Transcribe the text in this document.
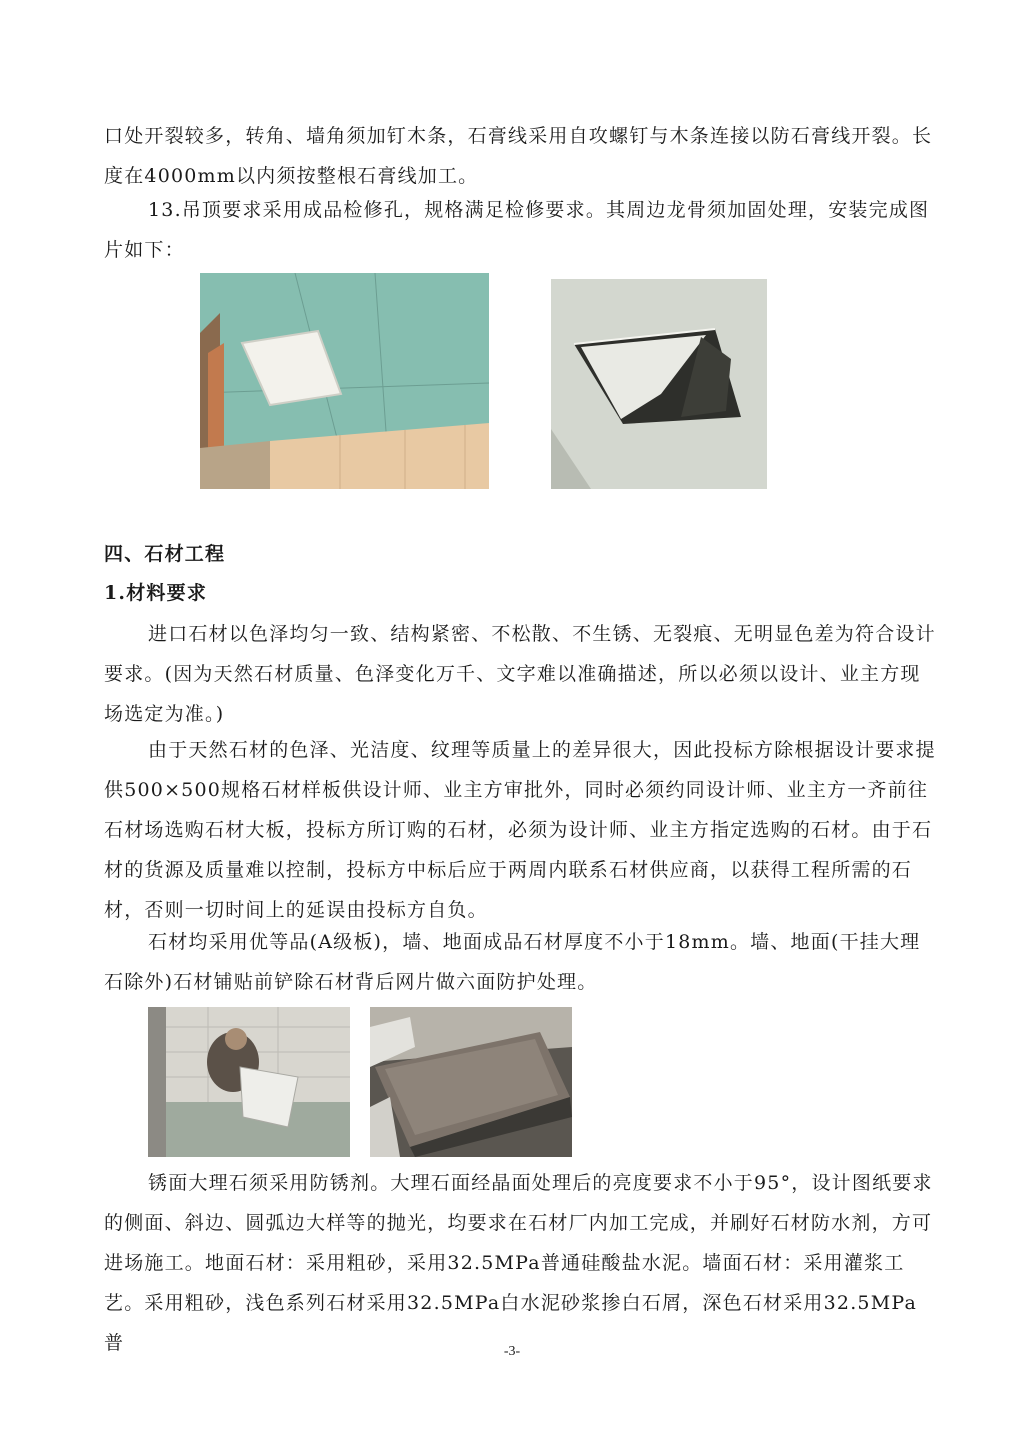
口处开裂较多，转角、墙角须加钉木条，石膏线采用自攻螺钉与木条连接以防石膏线开裂。长度在4000mm以内须按整根石膏线加工。

13.吊顶要求采用成品检修孔，规格满足检修要求。其周边龙骨须加固处理，安装完成图片如下：

四、石材工程

1.材料要求

进口石材以色泽均匀一致、结构紧密、不松散、不生锈、无裂痕、无明显色差为符合设计要求。(因为天然石材质量、色泽变化万千、文字难以准确描述，所以必须以设计、业主方现场选定为准。)

由于天然石材的色泽、光洁度、纹理等质量上的差异很大，因此投标方除根据设计要求提供500×500规格石材样板供设计师、业主方审批外，同时必须约同设计师、业主方一齐前往石材场选购石材大板，投标方所订购的石材，必须为设计师、业主方指定选购的石材。由于石材的货源及质量难以控制，投标方中标后应于两周内联系石材供应商，以获得工程所需的石材，否则一切时间上的延误由投标方自负。

石材均采用优等品(A级板)，墙、地面成品石材厚度不小于18mm。墙、地面(干挂大理石除外)石材铺贴前铲除石材背后网片做六面防护处理。

锈面大理石须采用防锈剂。大理石面经晶面处理后的亮度要求不小于95°，设计图纸要求的侧面、斜边、圆弧边大样等的抛光，均要求在石材厂内加工完成，并刷好石材防水剂，方可进场施工。地面石材：采用粗砂，采用32.5MPa普通硅酸盐水泥。墙面石材：采用灌浆工艺。采用粗砂，浅色系列石材采用32.5MPa白水泥砂浆掺白石屑，深色石材采用32.5MPa普	-3-
